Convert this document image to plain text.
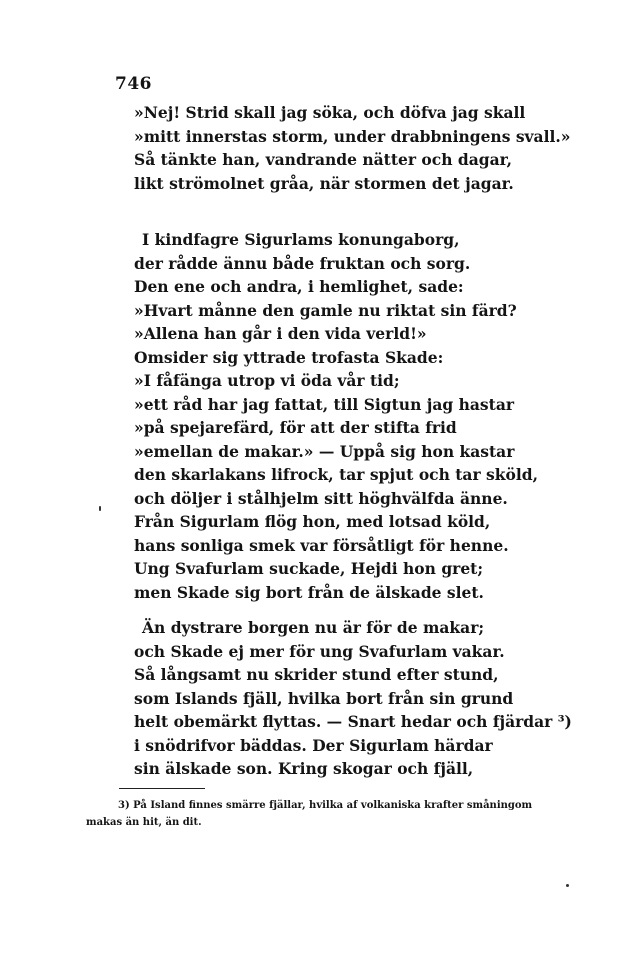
746
»Nej! Strid skall jag söka, och döfva jag skall
»mitt innerstas storm, under drabbningens svall.»
Så tänkte han, vandrande nätter och dagar,
likt strömolnet gråa, när stormen det jagar.
I kindfagre Sigurlams konungaborg,
der rådde ännu både fruktan och sorg.
Den ene och andra, i hemlighet, sade:
»Hvart månne den gamle nu riktat sin färd?
»Allena han går i den vida verld!»
Omsider sig yttrade trofasta Skade:
»I fåfänga utrop vi öda vår tid;
»ett råd har jag fattat, till Sigtun jag hastar
»på spejarefärd, för att der stifta frid
»emellan de makar.» — Uppå sig hon kastar
den skarlakans lifrock, tar spjut och tar sköld,
och döljer i stålhjelm sitt höghvälfda änne.
Från Sigurlam flög hon, med lotsad köld,
hans sonliga smek var försåtligt för henne.
Ung Svafurlam suckade, Hejdi hon gret;
men Skade sig bort från de älskade slet.
Än dystrare borgen nu är för de makar;
och Skade ej mer för ung Svafurlam vakar.
Så långsamt nu skrider stund efter stund,
som Islands fjäll, hvilka bort från sin grund
helt obemärkt flyttas. — Snart hedar och fjärdar ³)
i snödrifvor bäddas. Der Sigurlam härdar
sin älskade son. Kring skogar och fjäll,
3) På Island finnes smärre fjällar, hvilka af volkaniska krafter småningom
makas än hit, än dit.
